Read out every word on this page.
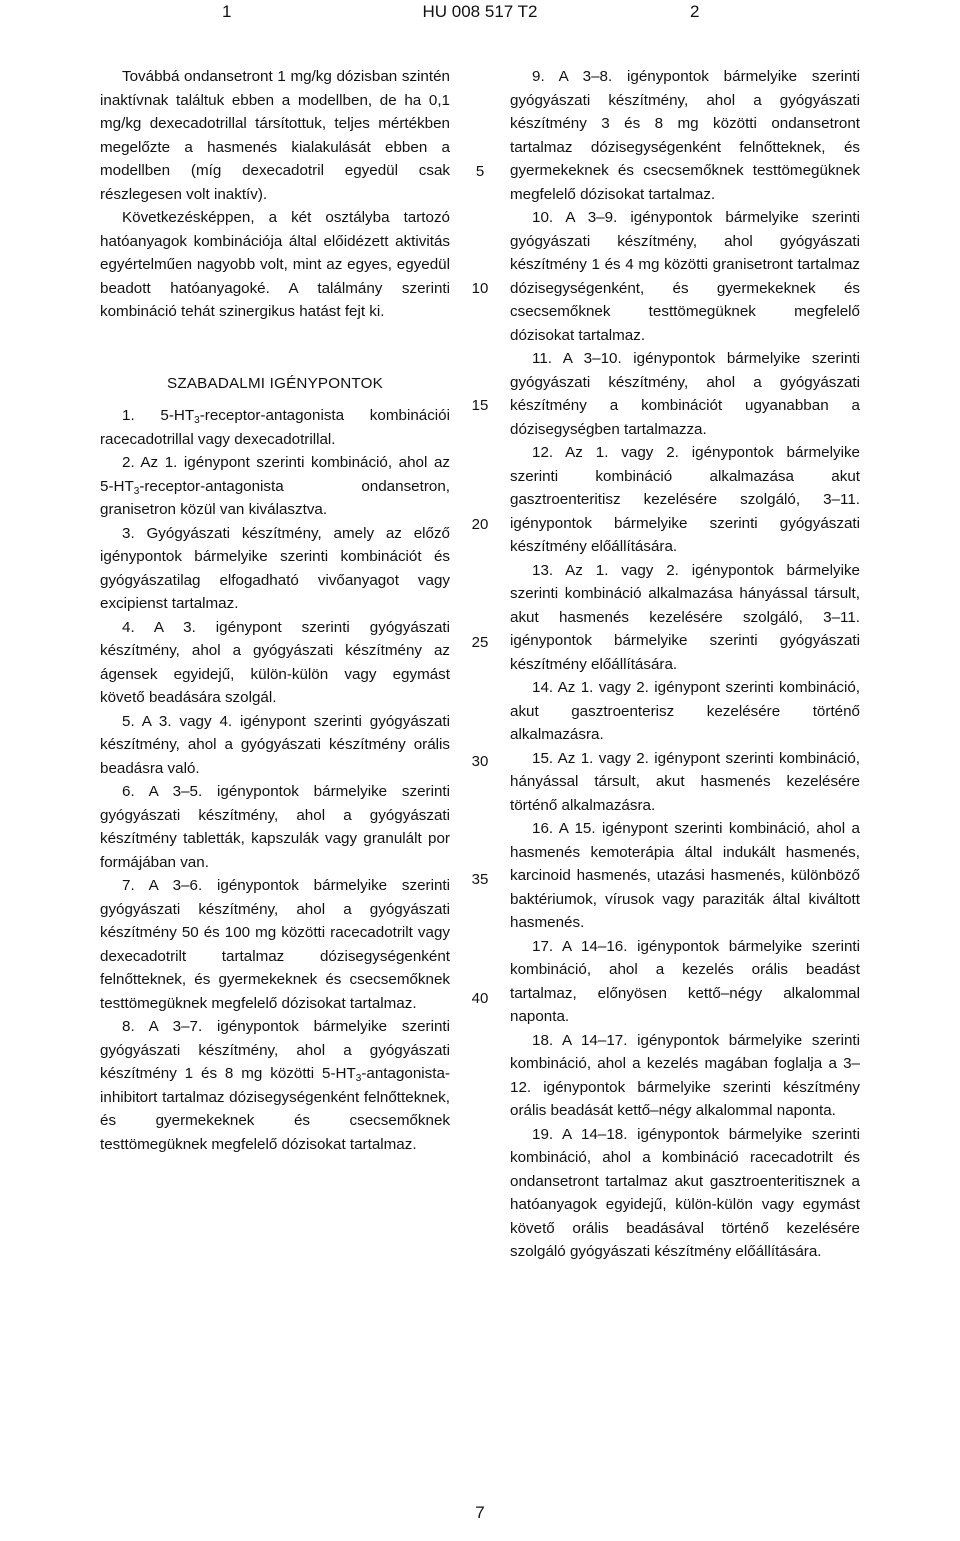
1	HU 008 517 T2	2

Továbbá ondansetront 1 mg/kg dózisban szintén inaktívnak találtuk ebben a modellben, de ha 0,1 mg/kg dexecadotrillal társítottuk, teljes mértékben megelőzte a hasmenés kialakulását ebben a modellben (míg dexecadotril egyedül csak részlegesen volt inaktív).

Következésképpen, a két osztályba tartozó hatóanyagok kombinációja által előidézett aktivitás egyértelműen nagyobb volt, mint az egyes, egyedül beadott hatóanyagoké. A találmány szerinti kombináció tehát szinergikus hatást fejt ki.

SZABADALMI IGÉNYPONTOK

1. $5-HT_3-receptor$-antagonista kombinációi racecadotrillal vagy dexecadotrillal.

2. Az 1. igénypont szerinti kombináció, ahol az $5-HT_3-receptor$-antagonista ondansetron, granisetron közül van kiválasztva.

3. Gyógyászati készítmény, amely az előző igénypontok bármelyike szerinti kombinációt és gyógyászatilag elfogadható vivőanyagot vagy excipienst tartalmaz.

4. A 3. igénypont szerinti gyógyászati készítmény, ahol a gyógyászati készítmény az ágensek egyidejű, külön-külön vagy egymást követő beadására szolgál.

5. A 3. vagy 4. igénypont szerinti gyógyászati készítmény, ahol a gyógyászati készítmény orális beadásra való.

6. A 3–5. igénypontok bármelyike szerinti gyógyászati készítmény, ahol a gyógyászati készítmény tabletták, kapszulák vagy granulált por formájában van.

7. A 3–6. igénypontok bármelyike szerinti gyógyászati készítmény, ahol a gyógyászati készítmény 50 és 100 mg közötti racecadotrilt vagy dexecadotrilt tartalmaz dózisegységenként felnőtteknek, és gyermekeknek és csecsemőknek testtömegüknek megfelelő dózisokat tartalmaz.

8. A 3–7. igénypontok bármelyike szerinti gyógyászati készítmény, ahol a gyógyászati készítmény 1 és 8 mg közötti $5-HT_3-antagonista$-inhibitort tartalmaz dózisegységenként felnőtteknek, és gyermekeknek és csecsemőknek testtömegüknek megfelelő dózisokat tartalmaz.

9. A 3–8. igénypontok bármelyike szerinti gyógyászati készítmény, ahol a gyógyászati készítmény 3 és 8 mg közötti ondansetront tartalmaz dózisegységenként felnőtteknek, és gyermekeknek és csecsemőknek testtömegüknek megfelelő dózisokat tartalmaz.

10. A 3–9. igénypontok bármelyike szerinti gyógyászati készítmény, ahol gyógyászati készítmény 1 és 4 mg közötti granisetront tartalmaz dózisegységenként, és gyermekeknek és csecsemőknek testtömegüknek megfelelő dózisokat tartalmaz.

11. A 3–10. igénypontok bármelyike szerinti gyógyászati készítmény, ahol a gyógyászati készítmény a kombinációt ugyanabban a dózisegységben tartalmazza.

12. Az 1. vagy 2. igénypontok bármelyike szerinti kombináció alkalmazása akut gasztroenteritisz kezelésére szolgáló, 3–11. igénypontok bármelyike szerinti gyógyászati készítmény előállítására.

13. Az 1. vagy 2. igénypontok bármelyike szerinti kombináció alkalmazása hányással társult, akut hasmenés kezelésére szolgáló, 3–11. igénypontok bármelyike szerinti gyógyászati készítmény előállítására.

14. Az 1. vagy 2. igénypont szerinti kombináció, akut gasztroenterisz kezelésére történő alkalmazásra.

15. Az 1. vagy 2. igénypont szerinti kombináció, hányással társult, akut hasmenés kezelésére történő alkalmazásra.

16. A 15. igénypont szerinti kombináció, ahol a hasmenés kemoterápia által indukált hasmenés, karcinoid hasmenés, utazási hasmenés, különböző baktériumok, vírusok vagy paraziták által kiváltott hasmenés.

17. A 14–16. igénypontok bármelyike szerinti kombináció, ahol a kezelés orális beadást tartalmaz, előnyösen kettő–négy alkalommal naponta.

18. A 14–17. igénypontok bármelyike szerinti kombináció, ahol a kezelés magában foglalja a 3–12. igénypontok bármelyike szerinti készítmény orális beadását kettő–négy alkalommal naponta.

19. A 14–18. igénypontok bármelyike szerinti kombináció, ahol a kombináció racecadotrilt és ondansetront tartalmaz akut gasztroenteritisznek a hatóanyagok egyidejű, külön-külön vagy egymást követő orális beadásával történő kezelésére szolgáló gyógyászati készítmény előállítására.

5
10
15
20
25
30
35
40
7
